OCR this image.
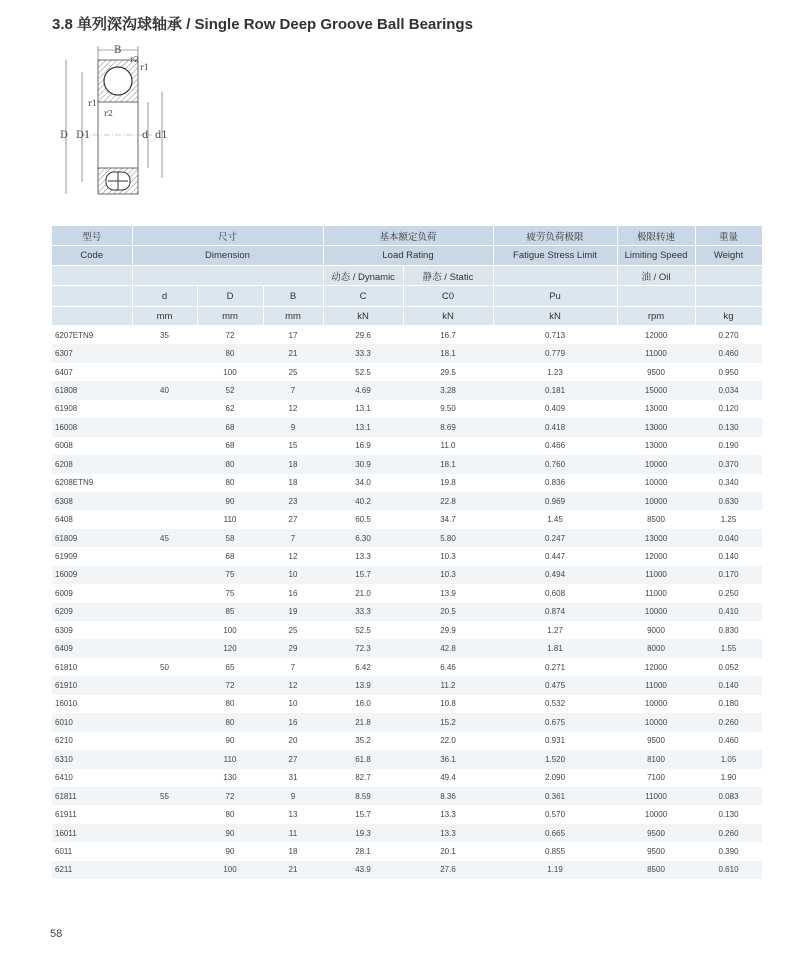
3.8 单列深沟球轴承 / Single Row Deep Groove Ball Bearings
B
r1
r1
r2
r2
D D1	d d1
型号	尺寸			基本额定负荷		疲劳负荷极限	极限转速	重量
Code	Dimension			Load Rating		Fatigue Stress Limit	Limiting Speed	Weight
				动态 / Dynamic	静态 / Static		油 / Oil	
	d	D	B	C	C0	Pu		
	mm	mm	mm	kN	kN	kN	rpm	kg
6207ETN9	35	72	17	29.6	16.7	0.713	12000	0.270
6307		80	21	33.3	18.1	0.779	11000	0.460
6407		100	25	52.5	29.5	1.23	9500	0.950
61808	40	52	7	4.69	3.28	0.181	15000	0.034
61908		62	12	13.1	9.50	0.409	13000	0.120
16008		68	9	13.1	8.69	0.418	13000	0.130
6008		68	15	16.9	11.0	0.466	13000	0.190
6208		80	18	30.9	18.1	0.760	10000	0.370
6208ETN9		80	18	34.0	19.8	0.836	10000	0.340
6308		90	23	40.2	22.8	0.969	10000	0.630
6408		110	27	60.5	34.7	1.45	8500	1.25
61809	45	58	7	6.30	5.80	0.247	13000	0.040
61909		68	12	13.3	10.3	0.447	12000	0.140
16009		75	10	15.7	10.3	0.494	11000	0.170
6009		75	16	21.0	13.9	0.608	11000	0.250
6209		85	19	33.3	20.5	0.874	10000	0.410
6309		100	25	52.5	29.9	1.27	9000	0.830
6409		120	29	72.3	42.8	1.81	8000	1.55
61810	50	65	7	6.42	6.46	0.271	12000	0.052
61910		72	12	13.9	11.2	0.475	11000	0.140
16010		80	10	16.0	10.8	0.532	10000	0.180
6010		80	16	21.8	15.2	0.675	10000	0.260
6210		90	20	35.2	22.0	0.931	9500	0.460
6310		110	27	61.8	36.1	1.520	8100	1.05
6410		130	31	82.7	49.4	2.090	7100	1.90
61811	55	72	9	8.59	8.36	0.361	11000	0.083
61911		80	13	15.7	13.3	0.570	10000	0.130
16011		90	11	19.3	13.3	0.665	9500	0.260
6011		90	18	28.1	20.1	0.855	9500	0.390
6211		100	21	43.9	27.6	1.19	8500	0.610
58
